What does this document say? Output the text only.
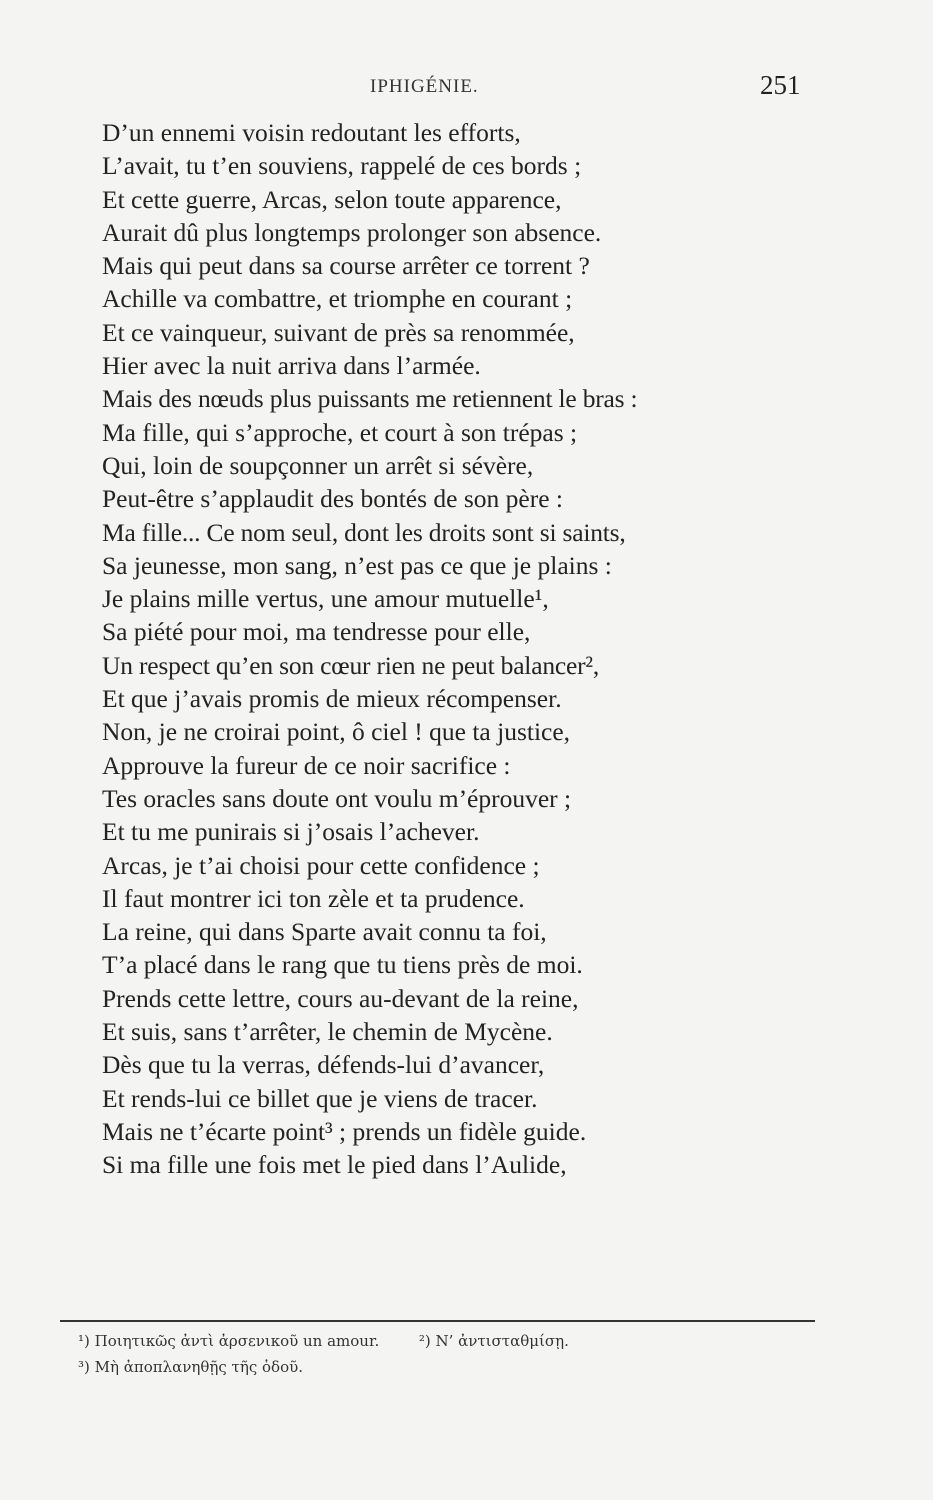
IPHIGÉNIE.	251
D’un ennemi voisin redoutant les efforts,
L’avait, tu t’en souviens, rappelé de ces bords ;
Et cette guerre, Arcas, selon toute apparence,
Aurait dû plus longtemps prolonger son absence.
Mais qui peut dans sa course arrêter ce torrent ?
Achille va combattre, et triomphe en courant ;
Et ce vainqueur, suivant de près sa renommée,
Hier avec la nuit arriva dans l’armée.
Mais des nœuds plus puissants me retiennent le bras :
Ma fille, qui s’approche, et court à son trépas ;
Qui, loin de soupçonner un arrêt si sévère,
Peut-être s’applaudit des bontés de son père :
Ma fille... Ce nom seul, dont les droits sont si saints,
Sa jeunesse, mon sang, n’est pas ce que je plains :
Je plains mille vertus, une amour mutuelle¹,
Sa piété pour moi, ma tendresse pour elle,
Un respect qu’en son cœur rien ne peut balancer²,
Et que j’avais promis de mieux récompenser.
Non, je ne croirai point, ô ciel ! que ta justice,
Approuve la fureur de ce noir sacrifice :
Tes oracles sans doute ont voulu m’éprouver ;
Et tu me punirais si j’osais l’achever.
Arcas, je t’ai choisi pour cette confidence ;
Il faut montrer ici ton zèle et ta prudence.
La reine, qui dans Sparte avait connu ta foi,
T’a placé dans le rang que tu tiens près de moi.
Prends cette lettre, cours au-devant de la reine,
Et suis, sans t’arrêter, le chemin de Mycène.
Dès que tu la verras, défends-lui d’avancer,
Et rends-lui ce billet que je viens de tracer.
Mais ne t’écarte point³ ; prends un fidèle guide.
Si ma fille une fois met le pied dans l’Aulide,
¹) Ποιητικῶς ἀντὶ ἀρσενικοῦ un amour.	²) Ν’ ἀντισταθμίσῃ.
³) Μὴ ἀποπλανηθῇς τῆς ὁδοῦ.
